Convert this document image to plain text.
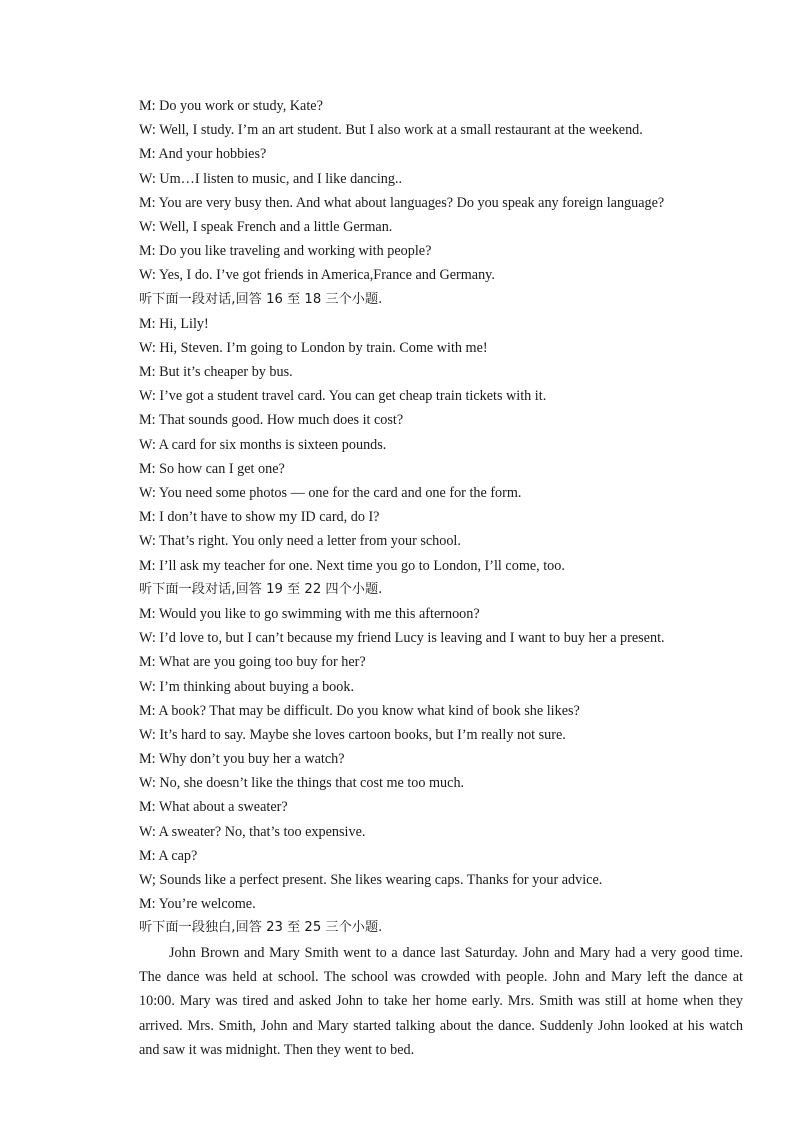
M: Do you work or study, Kate?
W: Well, I study. I’m an art student. But I also work at a small restaurant at the weekend.
M: And your hobbies?
W: Um…I listen to music, and I like dancing..
M: You are very busy then. And what about languages? Do you speak any foreign language?
W: Well, I speak French and a little German.
M: Do you like traveling and working with people?
W: Yes, I do. I’ve got friends in America,France and Germany.
听下面一段对话,回答 16 至 18 三个小题.
M: Hi, Lily!
W: Hi, Steven. I’m going to London by train. Come with me!
M: But it’s cheaper by bus.
W: I’ve got a student travel card. You can get cheap train tickets with it.
M: That sounds good. How much does it cost?
W: A card for six months is sixteen pounds.
M: So how can I get one?
W: You need some photos — one for the card and one for the form.
M: I don’t have to show my ID card, do I?
W: That’s right. You only need a letter from your school.
M: I’ll ask my teacher for one. Next time you go to London, I’ll come, too.
听下面一段对话,回答 19 至 22 四个小题.
M: Would you like to go swimming with me this afternoon?
W: I’d love to, but I can’t because my friend Lucy is leaving and I want to buy her a present.
M: What are you going too buy for her?
W: I’m thinking about buying a book.
M: A book? That may be difficult. Do you know what kind of book she likes?
W: It’s hard to say. Maybe she loves cartoon books, but I’m really not sure.
M: Why don’t you buy her a watch?
W: No, she doesn’t like the things that cost me too much.
M: What about a sweater?
W: A sweater? No, that’s too expensive.
M: A cap?
W; Sounds like a perfect present. She likes wearing caps. Thanks for your advice.
M: You’re welcome.
听下面一段独白,回答 23 至 25 三个小题.

John Brown and Mary Smith went to a dance last Saturday. John and Mary had a very good time. The dance was held at school. The school was crowded with people. John and Mary left the dance at 10:00. Mary was tired and asked John to take her home early. Mrs. Smith was still at home when they arrived. Mrs. Smith, John and Mary started talking about the dance. Suddenly John looked at his watch and saw it was midnight. Then they went to bed.
